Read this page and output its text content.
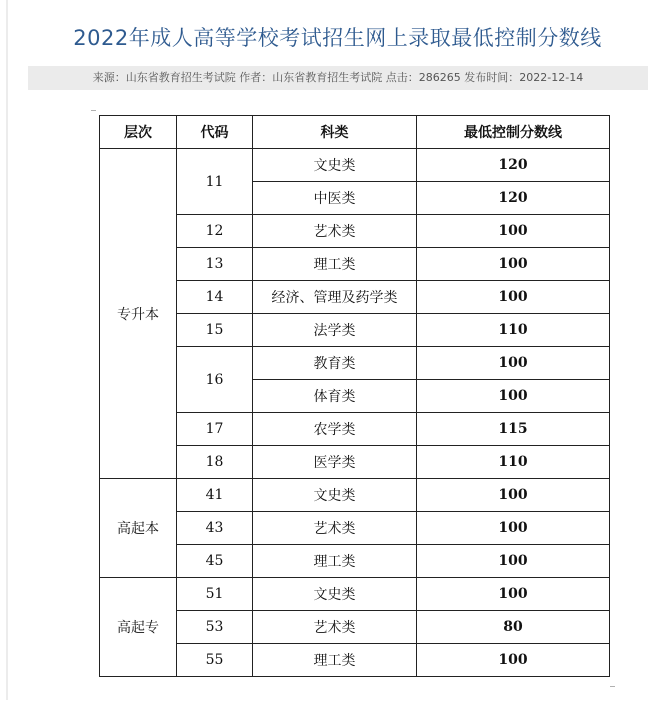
2022年成人高等学校考试招生网上录取最低控制分数线
来源：山东省教育招生考试院 作者：山东省教育招生考试院 点击：286265 发布时间：2022-12-14
层次	代码	科类	最低控制分数线
专升本	11	文史类	120
		中医类	120
	12	艺术类	100
	13	理工类	100
	14	经济、管理及药学类	100
	15	法学类	110
	16	教育类	100
		体育类	100
	17	农学类	115
	18	医学类	110
高起本	41	文史类	100
	43	艺术类	100
	45	理工类	100
高起专	51	文史类	100
	53	艺术类	80
	55	理工类	100
